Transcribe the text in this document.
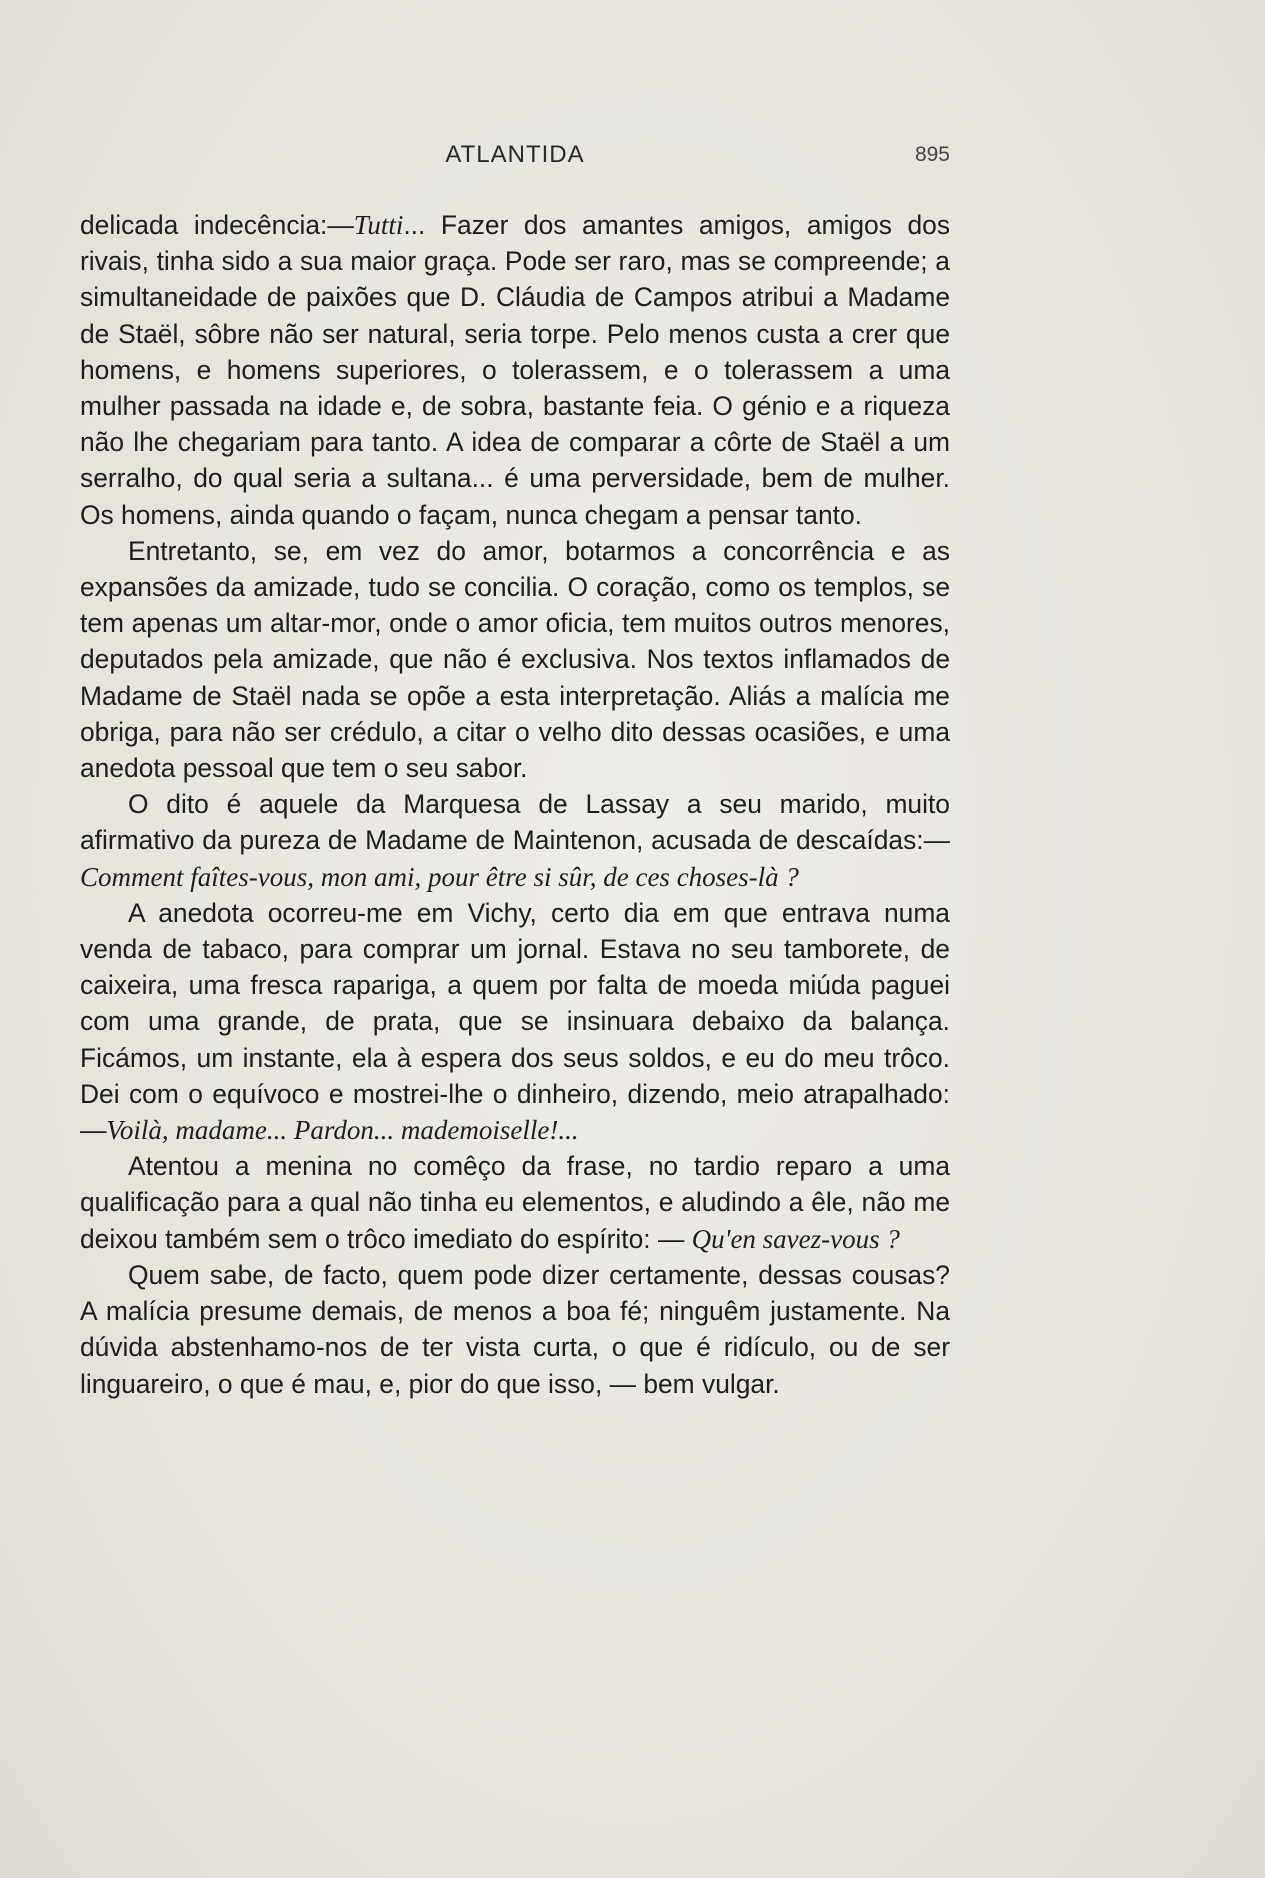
ATLANTIDA	895

delicada indecência:—Tutti... Fazer dos amantes amigos, amigos dos rivais, tinha sido a sua maior graça. Pode ser raro, mas se compreende; a simultaneidade de paixões que D. Cláudia de Campos atribui a Madame de Staël, sôbre não ser natural, seria torpe. Pelo menos custa a crer que homens, e homens superiores, o tolerassem, e o tolerassem a uma mulher passada na idade e, de sobra, bastante feia. O génio e a riqueza não lhe chegariam para tanto. A idea de comparar a côrte de Staël a um serralho, do qual seria a sultana... é uma perversidade, bem de mulher. Os homens, ainda quando o façam, nunca chegam a pensar tanto.

Entretanto, se, em vez do amor, botarmos a concorrência e as expansões da amizade, tudo se concilia. O coração, como os templos, se tem apenas um altar-mor, onde o amor oficia, tem muitos outros menores, deputados pela amizade, que não é exclusiva. Nos textos inflamados de Madame de Staël nada se opõe a esta interpretação. Aliás a malícia me obriga, para não ser crédulo, a citar o velho dito dessas ocasiões, e uma anedota pessoal que tem o seu sabor.

O dito é aquele da Marquesa de Lassay a seu marido, muito afirmativo da pureza de Madame de Maintenon, acusada de descaídas:—Comment faîtes-vous, mon ami, pour être si sûr, de ces choses-là ?

A anedota ocorreu-me em Vichy, certo dia em que entrava numa venda de tabaco, para comprar um jornal. Estava no seu tamborete, de caixeira, uma fresca rapariga, a quem por falta de moeda miúda paguei com uma grande, de prata, que se insinuara debaixo da balança. Ficámos, um instante, ela à espera dos seus soldos, e eu do meu trôco. Dei com o equívoco e mostrei-lhe o dinheiro, dizendo, meio atrapalhado: —Voilà, madame... Pardon... mademoiselle!...

Atentou a menina no comêço da frase, no tardio reparo a uma qualificação para a qual não tinha eu elementos, e aludindo a êle, não me deixou também sem o trôco imediato do espírito: — Qu'en savez-vous ?

Quem sabe, de facto, quem pode dizer certamente, dessas cousas? A malícia presume demais, de menos a boa fé; ninguêm justamente. Na dúvida abstenhamo-nos de ter vista curta, o que é ridículo, ou de ser linguareiro, o que é mau, e, pior do que isso, — bem vulgar.
